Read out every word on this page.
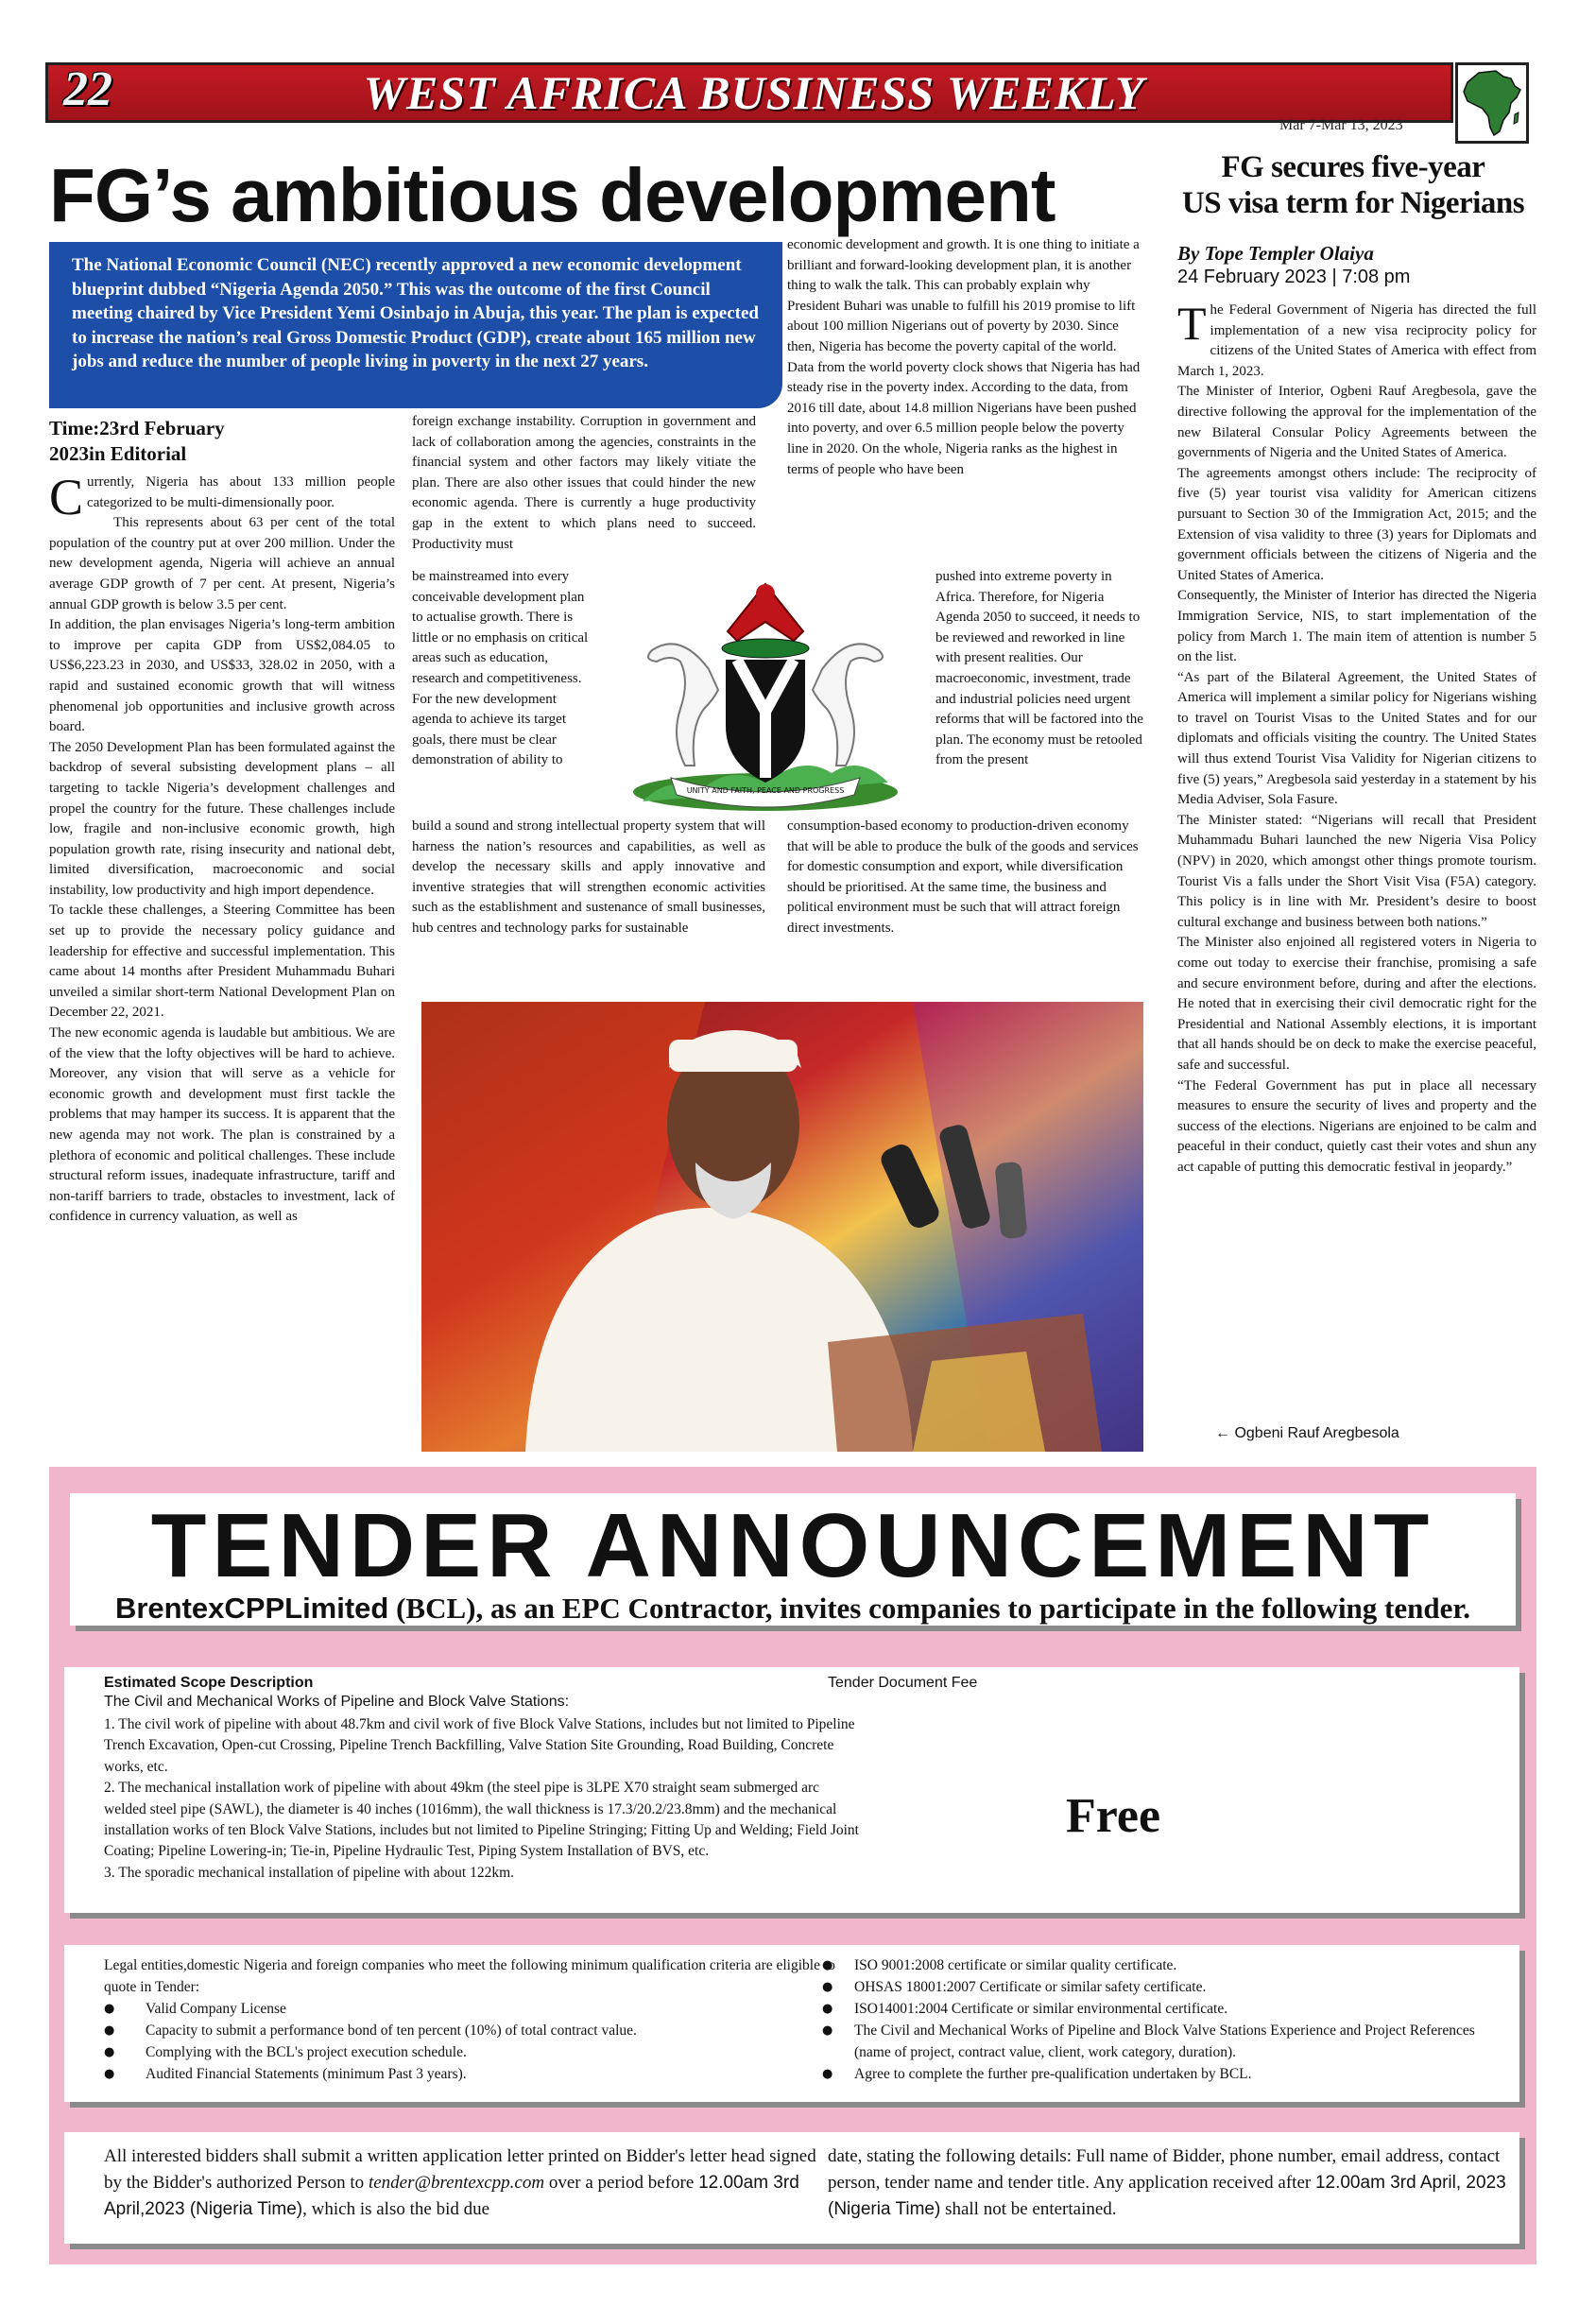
22	WEST AFRICA BUSINESS WEEKLY
Mar 7-Mar 13, 2023
FG’s ambitious development
The National Economic Council (NEC) recently approved a new economic development blueprint dubbed “Nigeria Agenda 2050.” This was the outcome of the first Council meeting chaired by Vice President Yemi Osinbajo in Abuja, this year. The plan is expected to increase the nation’s real Gross Domestic Product (GDP), create about 165 million new jobs and reduce the number of people living in poverty in the next 27 years.
Time:23rd February
2023in Editorial

Currently, Nigeria has about 133 million people categorized to be multi-dimensionally poor.

This represents about 63 per cent of the total population of the country put at over 200 million. Under the new development agenda, Nigeria will achieve an annual average GDP growth of 7 per cent. At present, Nigeria’s annual GDP growth is below 3.5 per cent.

In addition, the plan envisages Nigeria’s long-term ambition to improve per capita GDP from US$2,084.05 to US$6,223.23 in 2030, and US$33, 328.02 in 2050, with a rapid and sustained economic growth that will witness phenomenal job opportunities and inclusive growth across board.

The 2050 Development Plan has been formulated against the backdrop of several subsisting development plans – all targeting to tackle Nigeria’s development challenges and propel the country for the future. These challenges include low, fragile and non-inclusive economic growth, high population growth rate, rising insecurity and national debt, limited diversification, macroeconomic and social instability, low productivity and high import dependence.

To tackle these challenges, a Steering Committee has been set up to provide the necessary policy guidance and leadership for effective and successful implementation. This came about 14 months after President Muhammadu Buhari unveiled a similar short-term National Development Plan on December 22, 2021.

The new economic agenda is laudable but ambitious. We are of the view that the lofty objectives will be hard to achieve. Moreover, any vision that will serve as a vehicle for economic growth and development must first tackle the problems that may hamper its success. It is apparent that the new agenda may not work. The plan is constrained by a plethora of economic and political challenges. These include structural reform issues, inadequate infrastructure, tariff and non-tariff barriers to trade, obstacles to investment, lack of confidence in currency valuation, as well as

foreign exchange instability. Corruption in government and lack of collaboration among the agencies, constraints in the financial system and other factors may likely vitiate the plan. There are also other issues that could hinder the new economic agenda. There is currently a huge productivity gap in the extent to which plans need to succeed. Productivity must
be mainstreamed into every conceivable development plan to actualise growth. There is little or no emphasis on critical areas such as education, research and competitiveness. For the new development agenda to achieve its target goals, there must be clear demonstration of ability to
build a sound and strong intellectual property system that will harness the nation’s resources and capabilities, as well as develop the necessary skills and apply innovative and inventive strategies that will strengthen economic activities such as the establishment and sustenance of small businesses, hub centres and technology parks for sustainable
economic development and growth. It is one thing to initiate a brilliant and forward-looking development plan, it is another thing to walk the talk. This can probably explain why President Buhari was unable to fulfill his 2019 promise to lift about 100 million Nigerians out of poverty by 2030. Since then, Nigeria has become the poverty capital of the world. Data from the world poverty clock shows that Nigeria has had steady rise in the poverty index. According to the data, from 2016 till date, about 14.8 million Nigerians have been pushed into poverty, and over 6.5 million people below the poverty line in 2020. On the whole, Nigeria ranks as the highest in terms of people who have been
pushed into extreme poverty in Africa. Therefore, for Nigeria Agenda 2050 to succeed, it needs to be reviewed and reworked in line with present realities. Our macroeconomic, investment, trade and industrial policies need urgent reforms that will be factored into the plan. The economy must be retooled from the present
consumption-based economy to production-driven economy that will be able to produce the bulk of the goods and services for domestic consumption and export, while diversification should be prioritised. At the same time, the business and political environment must be such that will attract foreign direct investments.
UNITY AND FAITH, PEACE AND PROGRESS
FG secures five-year
US visa term for Nigerians
By Tope Templer Olaiya
24 February 2023 | 7:08 pm

The Federal Government of Nigeria has directed the full implementation of a new visa reciprocity policy for citizens of the United States of America with effect from March 1, 2023.

The Minister of Interior, Ogbeni Rauf Aregbesola, gave the directive following the approval for the implementation of the new Bilateral Consular Policy Agreements between the governments of Nigeria and the United States of America.

The agreements amongst others include: The reciprocity of five (5) year tourist visa validity for American citizens pursuant to Section 30 of the Immigration Act, 2015; and the Extension of visa validity to three (3) years for Diplomats and government officials between the citizens of Nigeria and the United States of America.

Consequently, the Minister of Interior has directed the Nigeria Immigration Service, NIS, to start implementation of the policy from March 1. The main item of attention is number 5 on the list.

“As part of the Bilateral Agreement, the United States of America will implement a similar policy for Nigerians wishing to travel on Tourist Visas to the United States and for our diplomats and officials visiting the country. The United States will thus extend Tourist Visa Validity for Nigerian citizens to five (5) years,” Aregbesola said yesterday in a statement by his Media Adviser, Sola Fasure.

The Minister stated: “Nigerians will recall that President Muhammadu Buhari launched the new Nigeria Visa Policy (NPV) in 2020, which amongst other things promote tourism. Tourist Vis a falls under the Short Visit Visa (F5A) category. This policy is in line with Mr. President’s desire to boost cultural exchange and business between both nations.”

The Minister also enjoined all registered voters in Nigeria to come out today to exercise their franchise, promising a safe and secure environment before, during and after the elections. He noted that in exercising their civil democratic right for the Presidential and National Assembly elections, it is important that all hands should be on deck to make the exercise peaceful, safe and successful.

“The Federal Government has put in place all necessary measures to ensure the security of lives and property and the success of the elections. Nigerians are enjoined to be calm and peaceful in their conduct, quietly cast their votes and shun any act capable of putting this democratic festival in jeopardy.”

← Ogbeni Rauf Aregbesola
TENDER ANNOUNCEMENT
BrentexCPPLimited (BCL), as an EPC Contractor, invites companies to participate in the following tender.
Estimated Scope Description
The Civil and Mechanical Works of Pipeline and Block Valve Stations:
1. The civil work of pipeline with about 48.7km and civil work of five Block Valve Stations, includes but not limited to Pipeline Trench Excavation, Open-cut Crossing, Pipeline Trench Backfilling, Valve Station Site Grounding, Road Building, Concrete works, etc.
2. The mechanical installation work of pipeline with about 49km (the steel pipe is 3LPE X70 straight seam submerged arc welded steel pipe (SAWL), the diameter is 40 inches (1016mm), the wall thickness is 17.3/20.2/23.8mm) and the mechanical installation works of ten Block Valve Stations, includes but not limited to Pipeline Stringing; Fitting Up and Welding; Field Joint Coating; Pipeline Lowering-in; Tie-in, Pipeline Hydraulic Test, Piping System Installation of BVS, etc.
3. The sporadic mechanical installation of pipeline with about 122km.
Tender Document Fee
Free
Legal entities,domestic Nigeria and foreign companies who meet the following minimum qualification criteria are eligible to quote in Tender:
● Valid Company License
● Capacity to submit a performance bond of ten percent (10%) of total contract value.
● Complying with the BCL's project execution schedule.
● Audited Financial Statements (minimum Past 3 years).
● ISO 9001:2008 certificate or similar quality certificate.
● OHSAS 18001:2007 Certificate or similar safety certificate.
● ISO14001:2004 Certificate or similar environmental certificate.
● The Civil and Mechanical Works of Pipeline and Block Valve Stations Experience and Project References (name of project, contract value, client, work category, duration).
● Agree to complete the further pre-qualification undertaken by BCL.
All interested bidders shall submit a written application letter printed on Bidder's letter head signed by the Bidder's authorized Person to tender@brentexcpp.com over a period before 12.00am 3rd April,2023 (Nigeria Time), which is also the bid due
date, stating the following details: Full name of Bidder, phone number, email address, contact person, tender name and tender title. Any application received after 12.00am 3rd April, 2023 (Nigeria Time) shall not be entertained.
